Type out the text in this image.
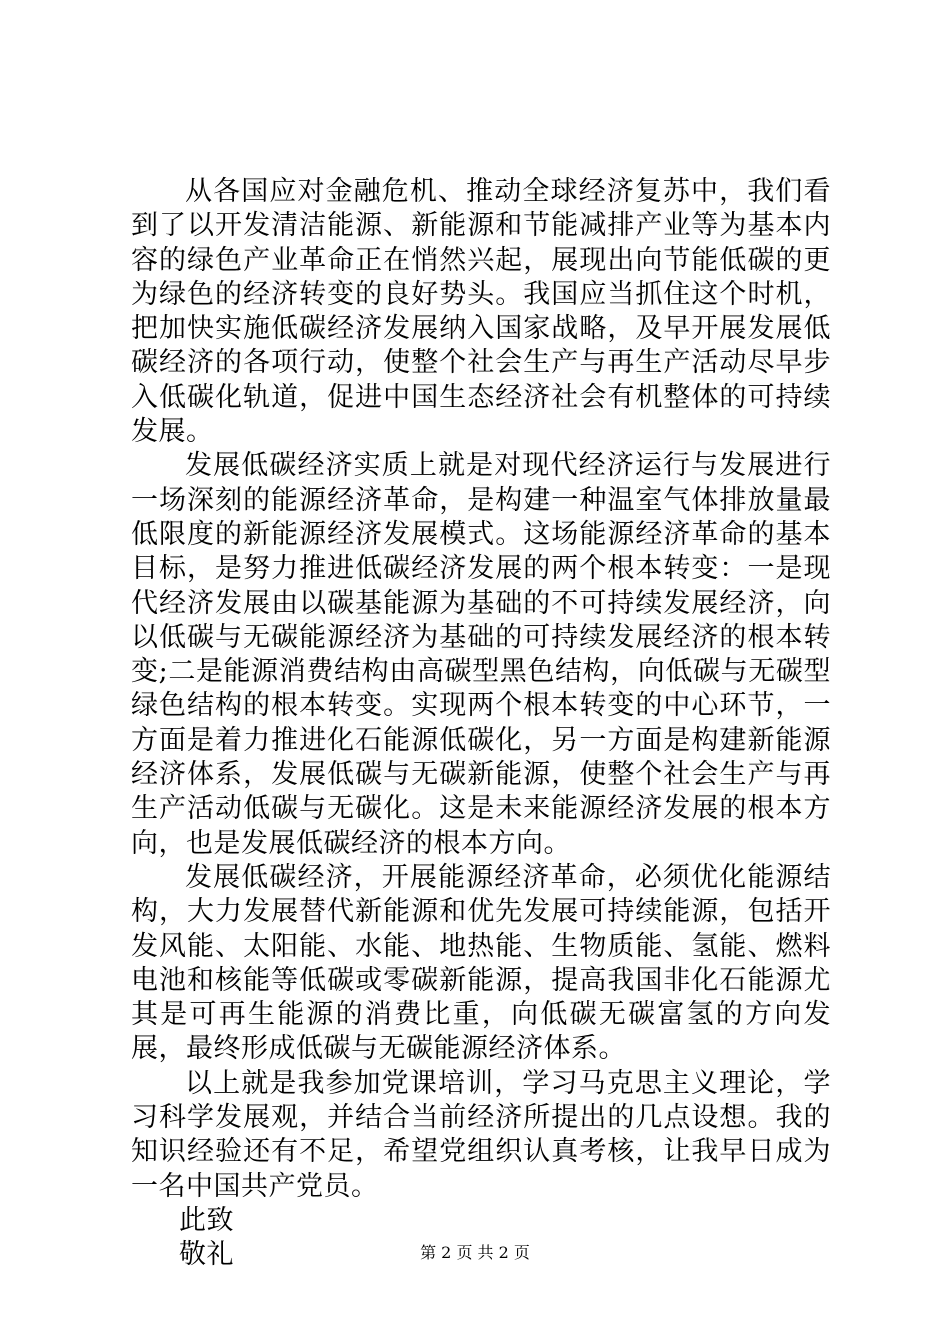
从各国应对金融危机、推动全球经济复苏中，我们看到了以开发清洁能源、新能源和节能减排产业等为基本内容的绿色产业革命正在悄然兴起，展现出向节能低碳的更为绿色的经济转变的良好势头。我国应当抓住这个时机，把加快实施低碳经济发展纳入国家战略，及早开展发展低碳经济的各项行动，使整个社会生产与再生产活动尽早步入低碳化轨道，促进中国生态经济社会有机整体的可持续发展。

发展低碳经济实质上就是对现代经济运行与发展进行一场深刻的能源经济革命，是构建一种温室气体排放量最低限度的新能源经济发展模式。这场能源经济革命的基本目标，是努力推进低碳经济发展的两个根本转变：一是现代经济发展由以碳基能源为基础的不可持续发展经济，向以低碳与无碳能源经济为基础的可持续发展经济的根本转变;二是能源消费结构由高碳型黑色结构，向低碳与无碳型绿色结构的根本转变。实现两个根本转变的中心环节，一方面是着力推进化石能源低碳化，另一方面是构建新能源经济体系，发展低碳与无碳新能源，使整个社会生产与再生产活动低碳与无碳化。这是未来能源经济发展的根本方向，也是发展低碳经济的根本方向。

发展低碳经济，开展能源经济革命，必须优化能源结构，大力发展替代新能源和优先发展可持续能源，包括开发风能、太阳能、水能、地热能、生物质能、氢能、燃料电池和核能等低碳或零碳新能源，提高我国非化石能源尤其是可再生能源的消费比重，向低碳无碳富氢的方向发展，最终形成低碳与无碳能源经济体系。

以上就是我参加党课培训，学习马克思主义理论，学习科学发展观，并结合当前经济所提出的几点设想。我的知识经验还有不足，希望党组织认真考核，让我早日成为一名中国共产党员。

此致

敬礼	第 2 页 共 2 页
